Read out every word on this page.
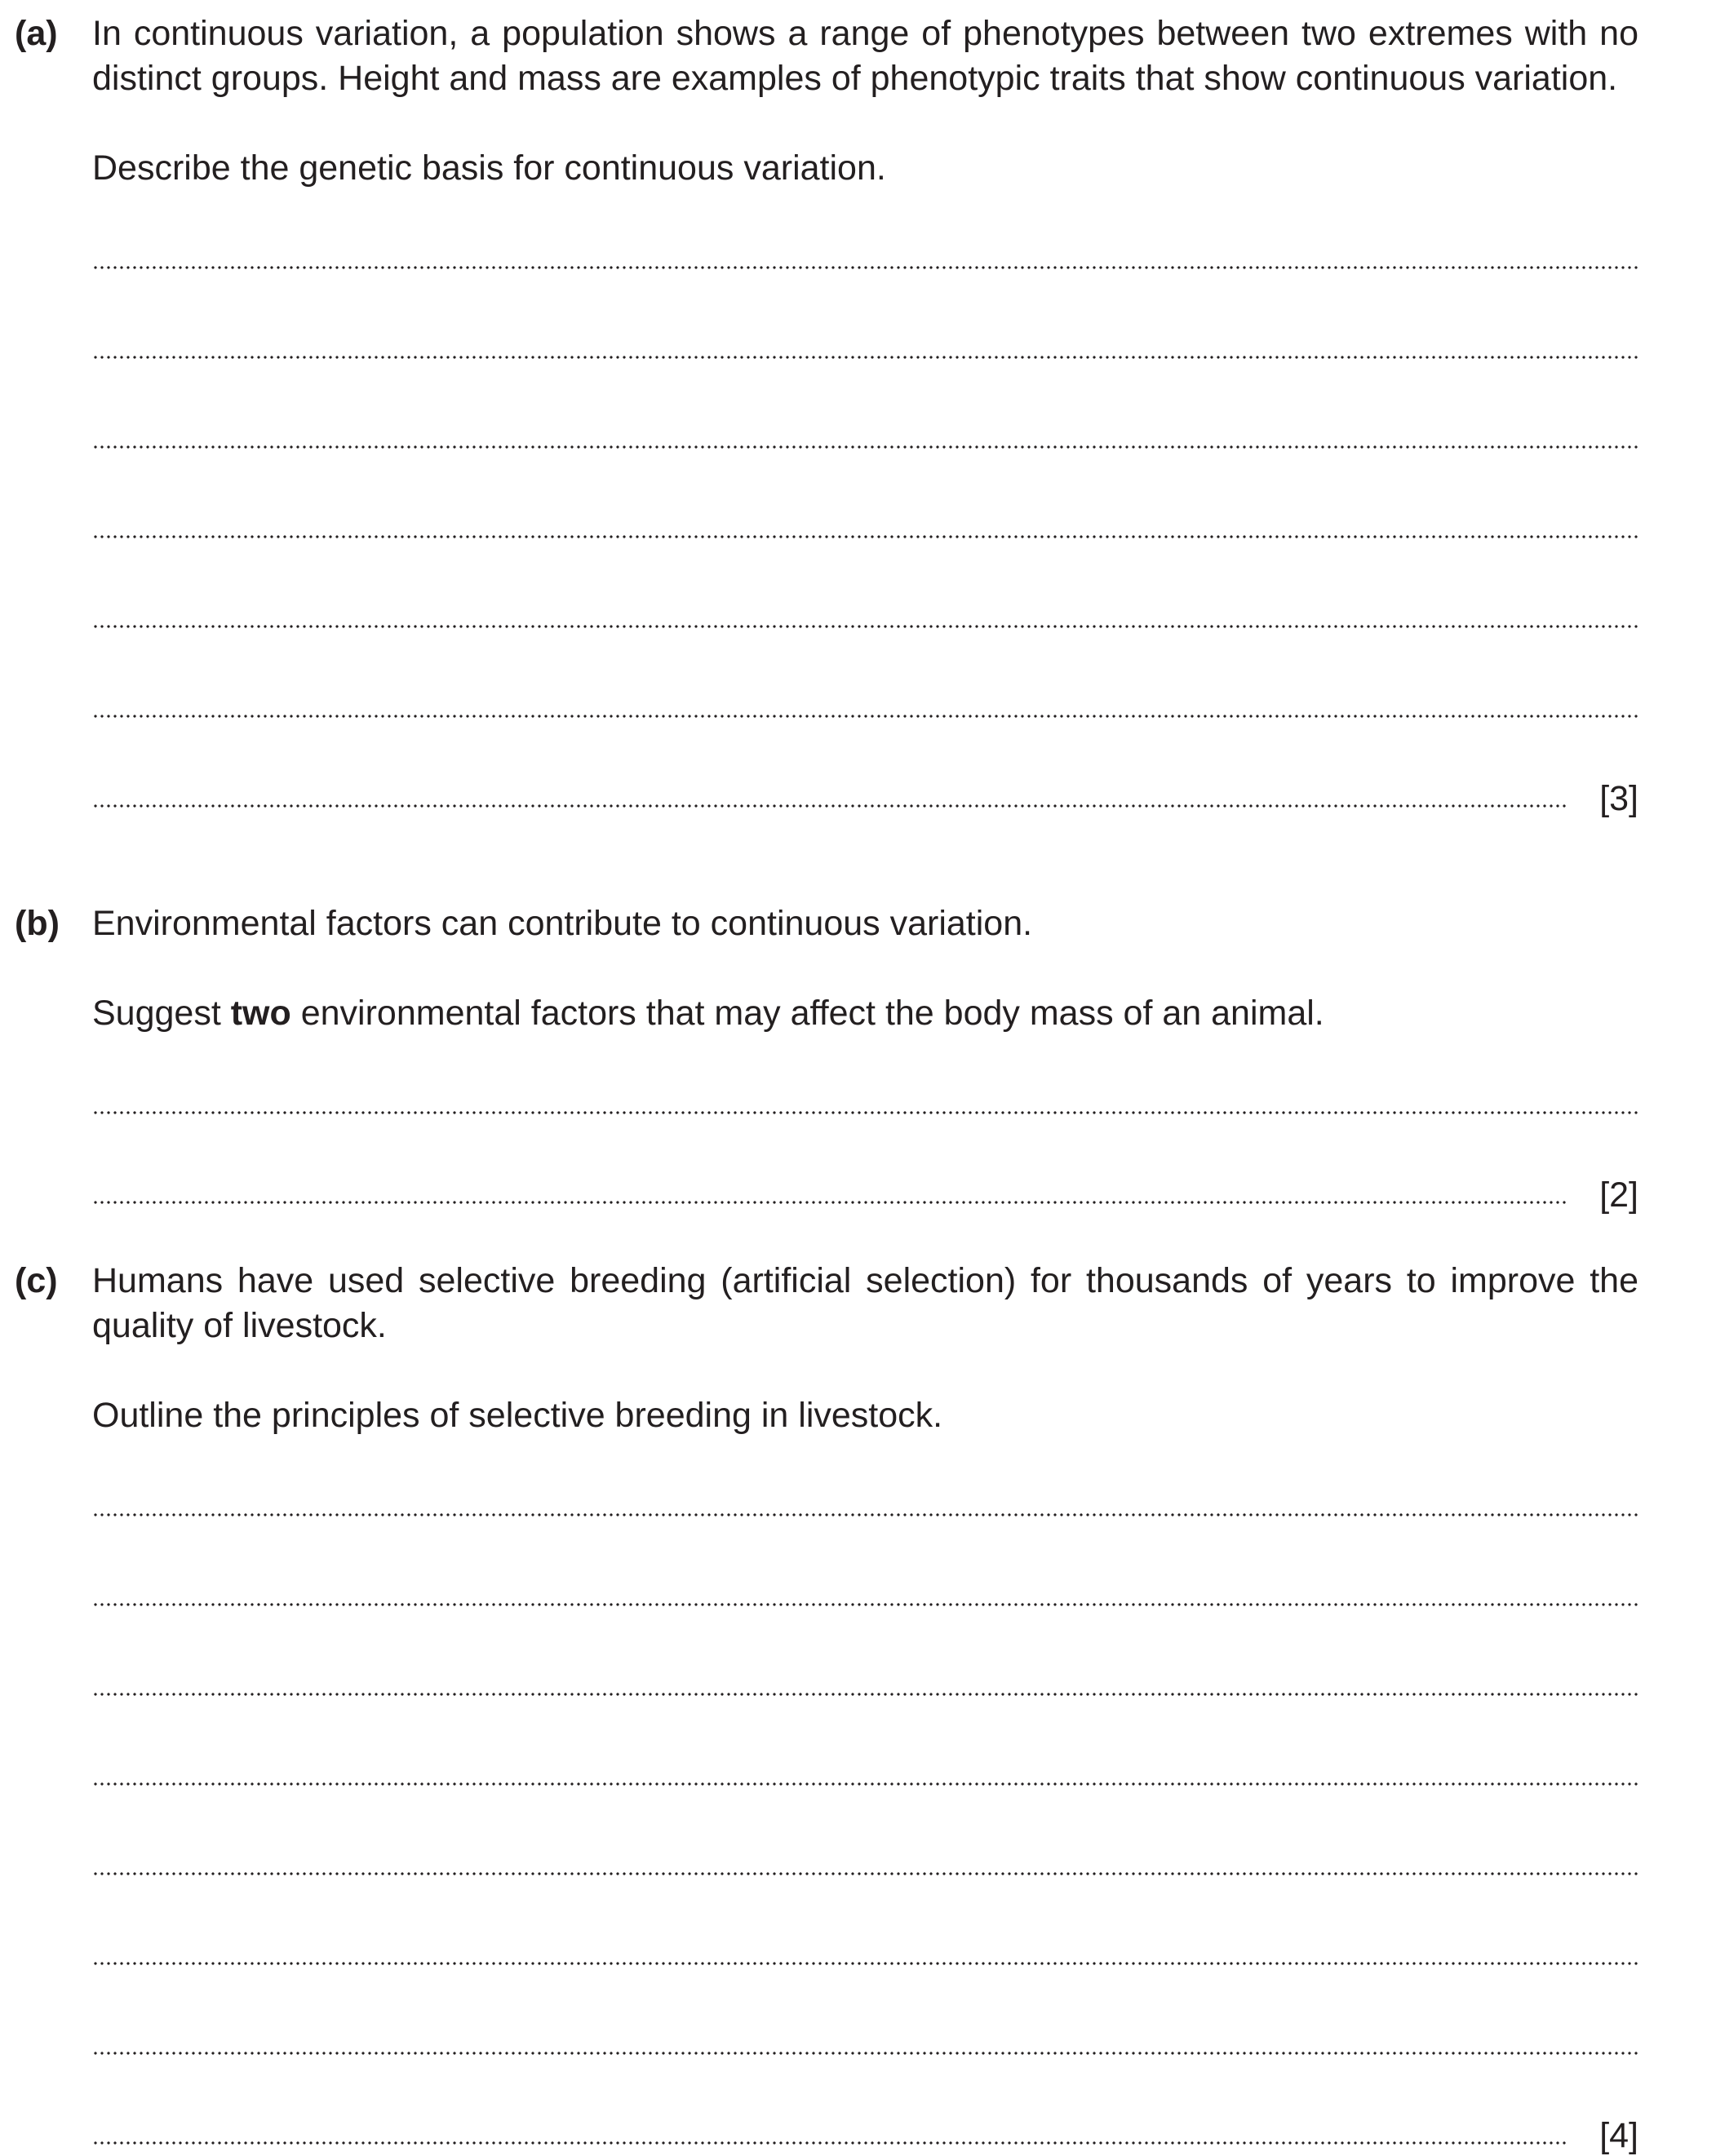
(a) In continuous variation, a population shows a range of phenotypes between two extremes with no distinct groups. Height and mass are examples of phenotypic traits that show continuous variation.

Describe the genetic basis for continuous variation.

[3]
(b) Environmental factors can contribute to continuous variation.

Suggest two environmental factors that may affect the body mass of an animal.

[2]
(c) Humans have used selective breeding (artificial selection) for thousands of years to improve the quality of livestock.

Outline the principles of selective breeding in livestock.

[4]
